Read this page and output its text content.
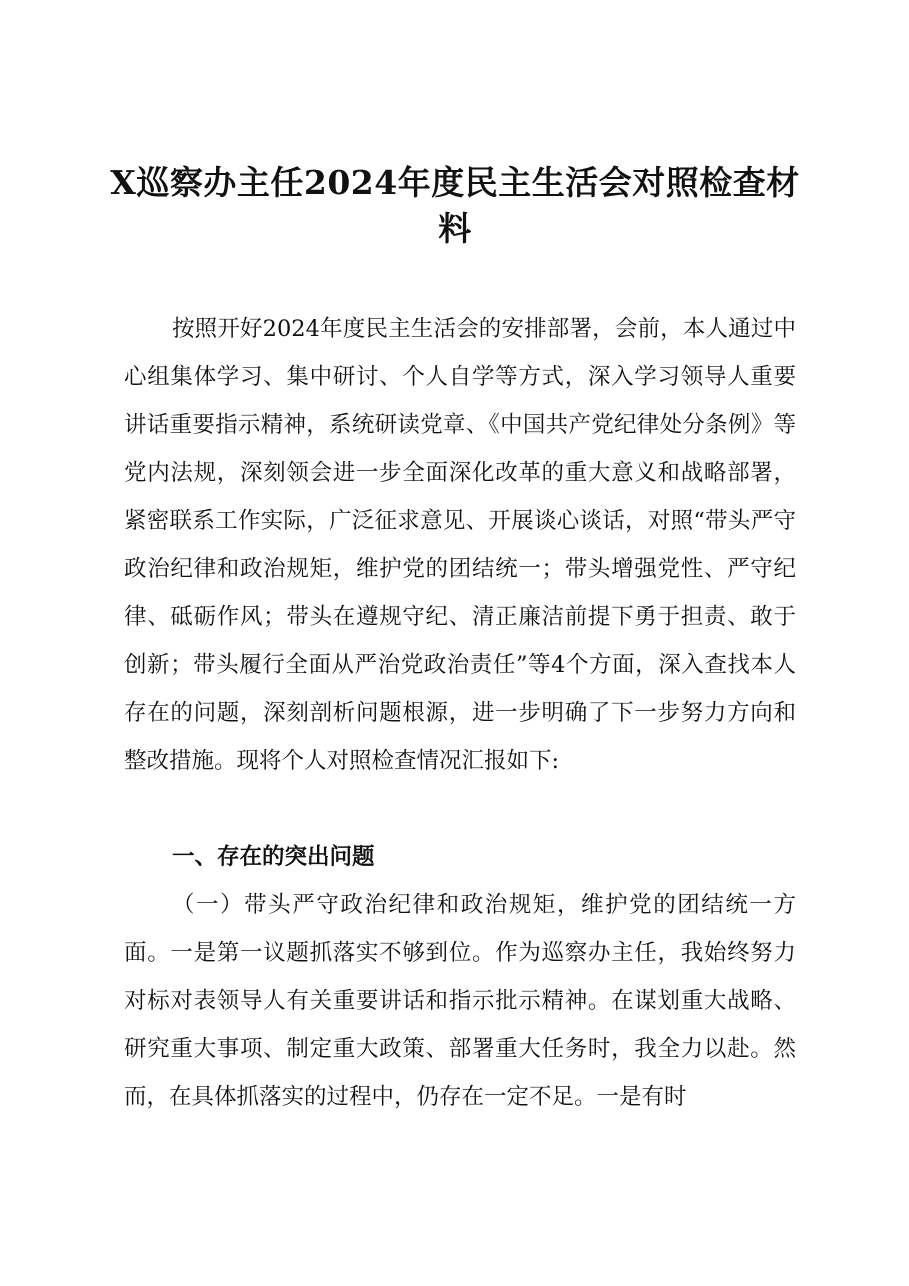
X巡察办主任2024年度民主生活会对照检查材料

按照开好2024年度民主生活会的安排部署，会前，本人通过中心组集体学习、集中研讨、个人自学等方式，深入学习领导人重要讲话重要指示精神，系统研读党章、《中国共产党纪律处分条例》等党内法规，深刻领会进一步全面深化改革的重大意义和战略部署，紧密联系工作实际，广泛征求意见、开展谈心谈话，对照“带头严守政治纪律和政治规矩，维护党的团结统一；带头增强党性、严守纪律、砥砺作风；带头在遵规守纪、清正廉洁前提下勇于担责、敢于创新；带头履行全面从严治党政治责任”等4个方面，深入查找本人存在的问题，深刻剖析问题根源，进一步明确了下一步努力方向和整改措施。现将个人对照检查情况汇报如下:

一、存在的突出问题

（一）带头严守政治纪律和政治规矩，维护党的团结统一方面。一是第一议题抓落实不够到位。作为巡察办主任，我始终努力对标对表领导人有关重要讲话和指示批示精神。在谋划重大战略、研究重大事项、制定重大政策、部署重大任务时，我全力以赴。然而，在具体抓落实的过程中，仍存在一定不足。一是有时
